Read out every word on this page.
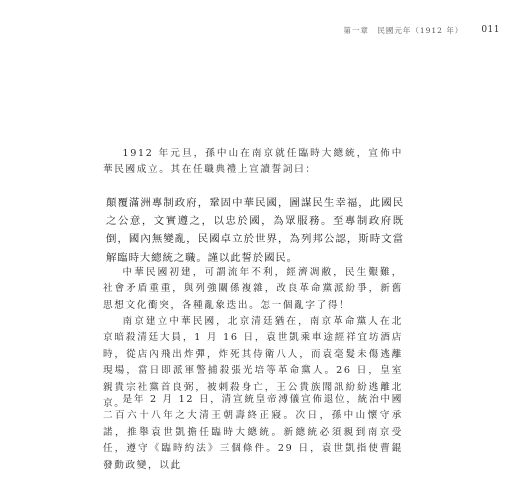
第一章　民國元年（1912 年） 011

1912 年元旦，孫中山在南京就任臨時大總統，宣佈中華民國成立。其在任職典禮上宣讀誓詞曰：

顛覆滿洲專制政府，鞏固中華民國，圖謀民生幸福，此國民之公意，文實遵之，以忠於國，為眾服務。至專制政府既倒，國內無變亂，民國卓立於世界，為列邦公認，斯時文當解臨時大總統之職。謹以此誓於國民。

中華民國初建，可謂流年不利，經濟凋敝，民生艱難，社會矛盾重重，與列強關係複雜，改良革命黨派紛爭，新舊思想文化衝突，各種亂象迭出。怎一個亂字了得！

南京建立中華民國，北京清廷猶在，南京革命黨人在北京暗殺清廷大員，1 月 16 日，袁世凱乘車途經祥宜坊酒店時，從店內飛出炸彈，炸死其侍衛八人，而袁毫髮未傷逃離現場，當日即派軍警捕殺張光培等革命黨人。26 日，皇室親貴宗社黨首良弼，被刺殺身亡，王公貴族聞訊紛紛逃離北京。

是年 2 月 12 日，清宣統皇帝溥儀宣佈退位，統治中國二百六十八年之大清王朝壽終正寢。次日，孫中山懷守承諾，推舉袁世凱擔任臨時大總統。新總統必須親到南京受任，遵守《臨時約法》三個條件。29 日，袁世凱指使曹錕發動政變，以此
